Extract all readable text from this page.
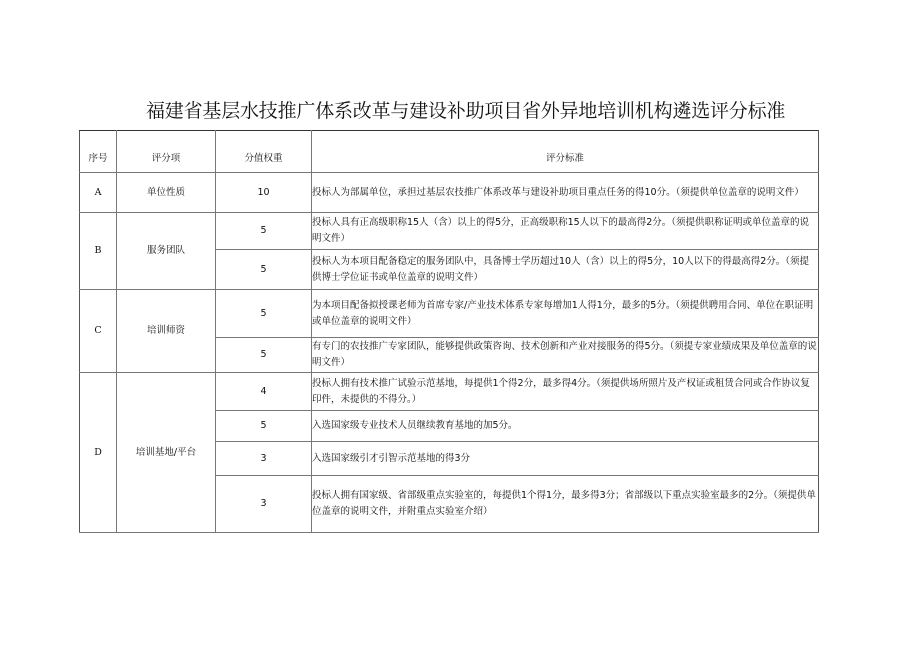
福建省基层水技推广体系改革与建设补助项目省外异地培训机构遴选评分标准
序号	评分项	分值权重	评分标准
A	单位性质	10	投标人为部属单位，承担过基层农技推广体系改革与建设补助项目重点任务的得10分。（须提供单位盖章的说明文件）
B	服务团队	5	投标人具有正高级职称15人（含）以上的得5分，正高级职称15人以下的最高得2分。（须提供职称证明或单位盖章的说明文件）
		5	投标人为本项目配备稳定的服务团队中，具备博士学历超过10人（含）以上的得5分，10人以下的得最高得2分。（须提供博士学位证书或单位盖章的说明文件）
C	培训师资	5	为本项目配备拟授课老师为首席专家/产业技术体系专家每增加1人得1分，最多的5分。（须提供聘用合同、单位在职证明或单位盖章的说明文件）
		5	有专门的农技推广专家团队，能够提供政策咨询、技术创新和产业对接服务的得5分。（须提专家业绩成果及单位盖章的说明文件）
D	培训基地/平台	4	投标人拥有技术推广试验示范基地，每提供1个得2分，最多得4分。（须提供场所照片及产权证或租赁合同或合作协议复印件，未提供的不得分。）
		5	入选国家级专业技术人员继续教育基地的加5分。
		3	入选国家级引才引智示范基地的得3分
		3	投标人拥有国家级、省部级重点实验室的，每提供1个得1分，最多得3分；省部级以下重点实验室最多的2分。（须提供单位盖章的说明文件，并附重点实验室介绍）
